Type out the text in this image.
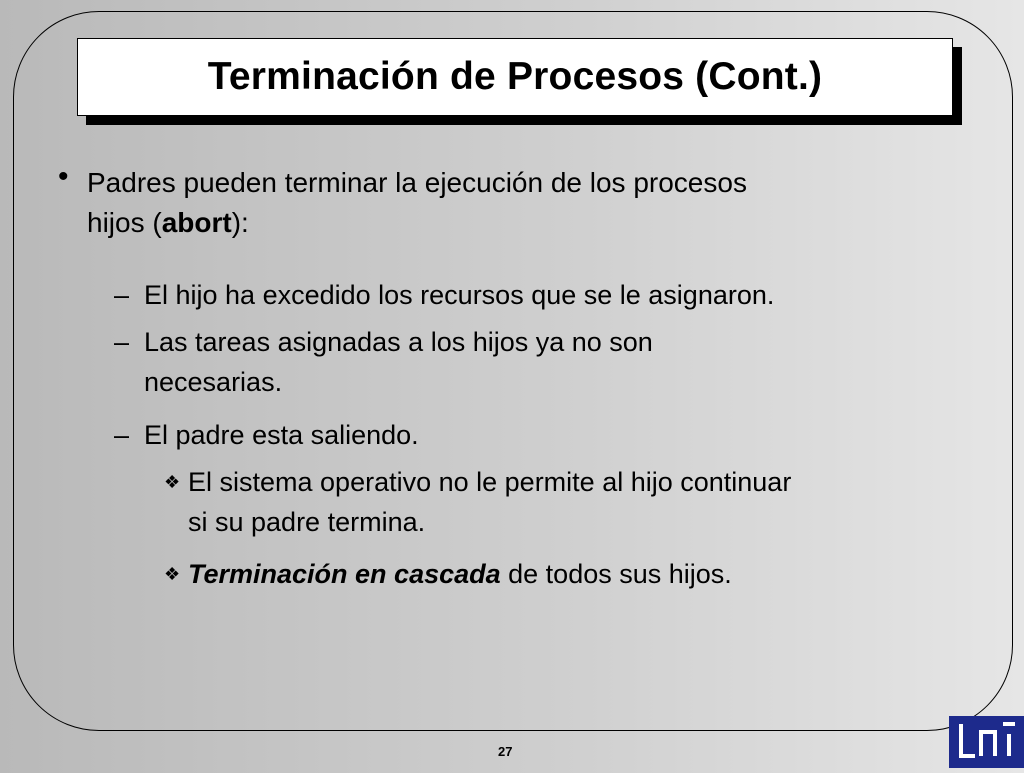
Terminación de Procesos (Cont.)
• Padres pueden terminar la ejecución de los procesos
hijos (abort):
– El hijo ha excedido los recursos que se le asignaron.
– Las tareas asignadas a los hijos ya no son
necesarias.
– El padre esta saliendo.
❖ El sistema operativo no le permite al hijo continuar
si su padre termina.
❖ Terminación en cascada de todos sus hijos.
27
